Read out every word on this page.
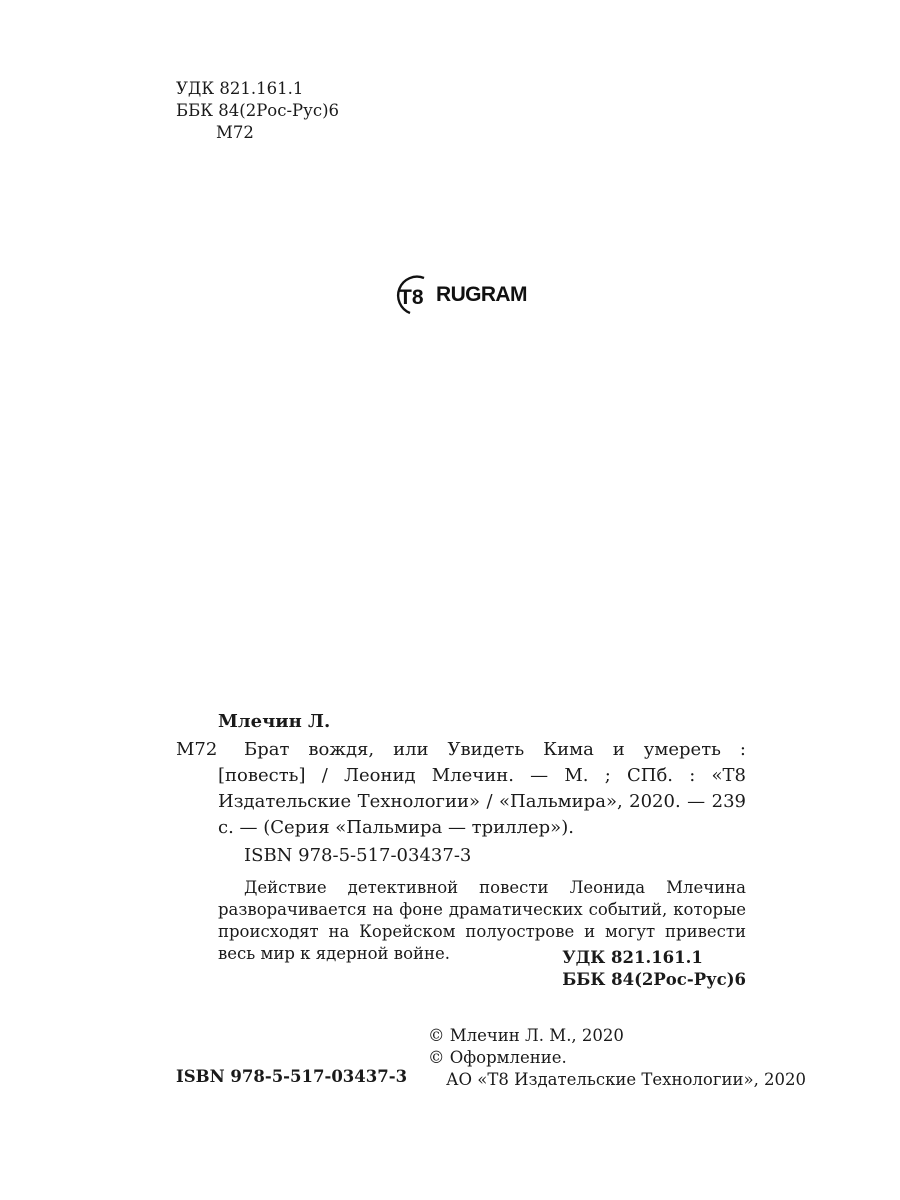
УДК 821.161.1
ББК 84(2Рос-Рус)6
М72
T8 RUGRAM
Млечин Л.
М72	Брат вождя, или Увидеть Кима и умереть : [повесть] / Леонид Млечин. — М. ; СПб. : «Т8 Издательские Технологии» / «Пальмира», 2020. — 239 с. — (Серия «Пальмира — триллер»).
ISBN 978-5-517-03437-3
Действие детективной повести Леонида Млечина разворачивается на фоне драматических событий, которые происходят на Корейском полуострове и могут привести весь мир к ядерной войне.	УДК 821.161.1
ББК 84(2Рос-Рус)6
© Млечин Л. М., 2020
© Оформление.
АО «Т8 Издательские Технологии», 2020
ISBN 978-5-517-03437-3
